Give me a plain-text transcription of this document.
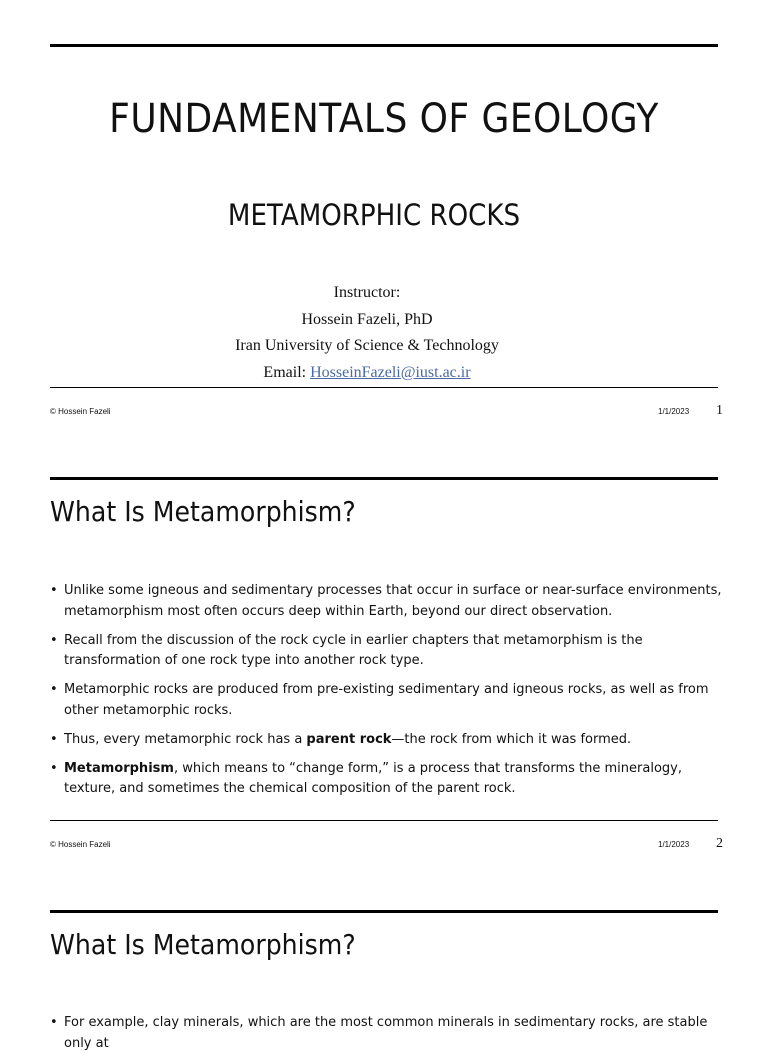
FUNDAMENTALS OF GEOLOGY
METAMORPHIC ROCKS
Instructor:
Hossein Fazeli, PhD
Iran University of Science & Technology
Email: HosseinFazeli@iust.ac.ir
© Hossein Fazeli	1/1/2023 1
What Is Metamorphism?
• Unlike some igneous and sedimentary processes that occur in surface or near-surface environments, metamorphism most often occurs deep within Earth, beyond our direct observation.
• Recall from the discussion of the rock cycle in earlier chapters that metamorphism is the transformation of one rock type into another rock type.
• Metamorphic rocks are produced from pre-existing sedimentary and igneous rocks, as well as from other metamorphic rocks.
• Thus, every metamorphic rock has a parent rock—the rock from which it was formed.
• Metamorphism, which means to “change form,” is a process that transforms the mineralogy, texture, and sometimes the chemical composition of the parent rock.
© Hossein Fazeli	1/1/2023 2
What Is Metamorphism?
• For example, clay minerals, which are the most common minerals in sedimentary rocks, are stable only at
